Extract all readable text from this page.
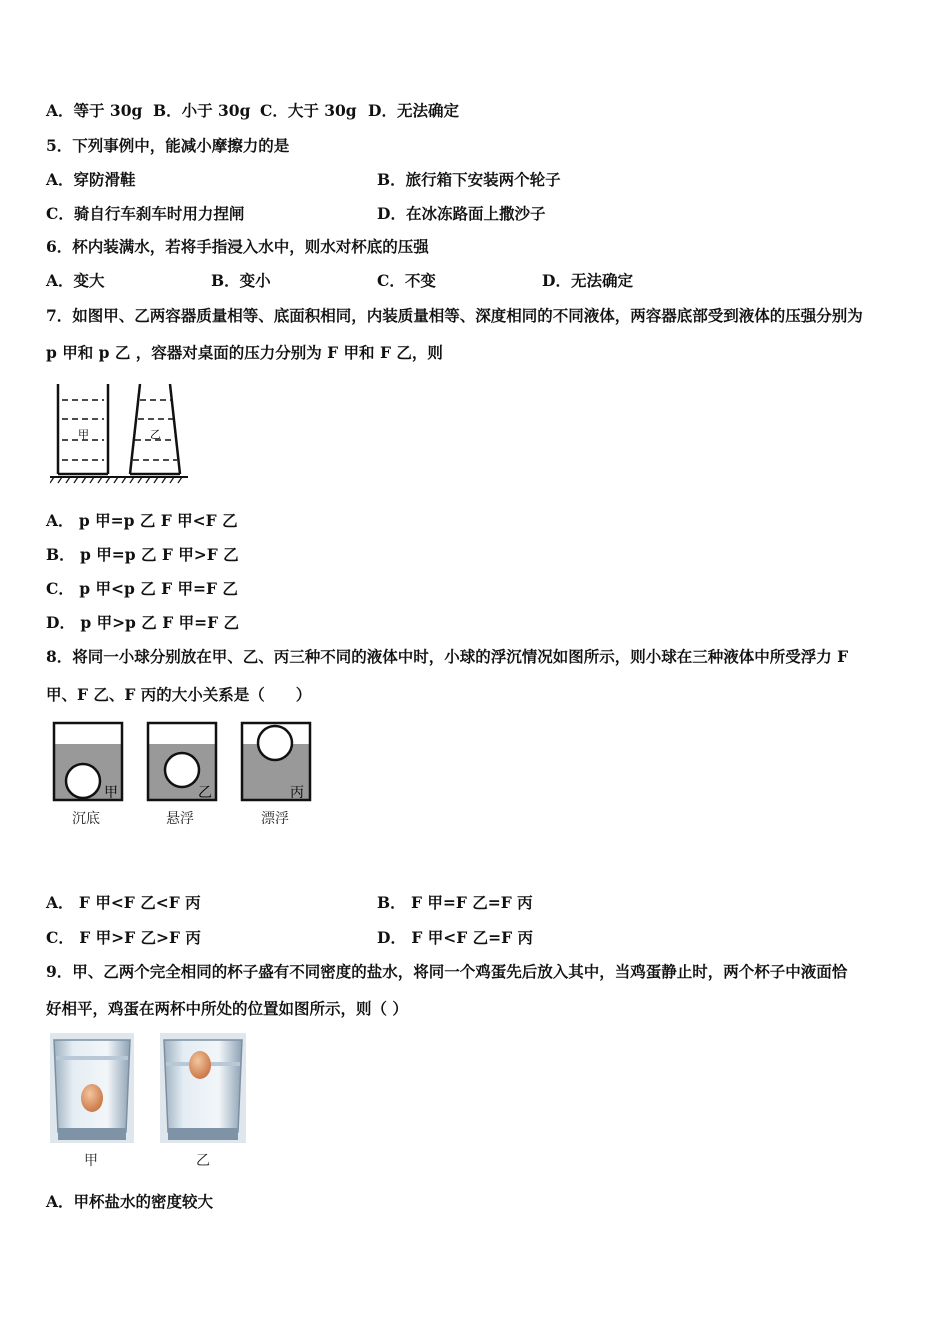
A．等于 30g B．小于 30g C．大于 30g D．无法确定
5．下列事例中，能减小摩擦力的是
A．穿防滑鞋	B．旅行箱下安装两个轮子
C．骑自行车刹车时用力捏闸	D．在冰冻路面上撒沙子
6．杯内装满水，若将手指浸入水中，则水对杯底的压强
A．变大	B．变小	C．不变	D．无法确定
7．如图甲、乙两容器质量相等、底面积相同，内装质量相等、深度相同的不同液体，两容器底部受到液体的压强分别为
p 甲和 p 乙 ，容器对桌面的压力分别为 F 甲和 F 乙，则
甲	乙
A． p 甲=p 乙 F 甲<F 乙
B． p 甲=p 乙 F 甲>F 乙
C． p 甲<p 乙 F 甲=F 乙
D． p 甲>p 乙 F 甲=F 乙
8．将同一小球分别放在甲、乙、丙三种不同的液体中时，小球的浮沉情况如图所示，则小球在三种液体中所受浮力 F
甲、F 乙、F 丙的大小关系是（　　）
甲	乙	丙
沉底	悬浮	漂浮
A． F 甲<F 乙<F 丙	B． F 甲=F 乙=F 丙
C． F 甲>F 乙>F 丙	D． F 甲<F 乙=F 丙
9．甲、乙两个完全相同的杯子盛有不同密度的盐水，将同一个鸡蛋先后放入其中，当鸡蛋静止时，两个杯子中液面恰
好相平，鸡蛋在两杯中所处的位置如图所示，则（ ）
甲	乙
A．甲杯盐水的密度较大
